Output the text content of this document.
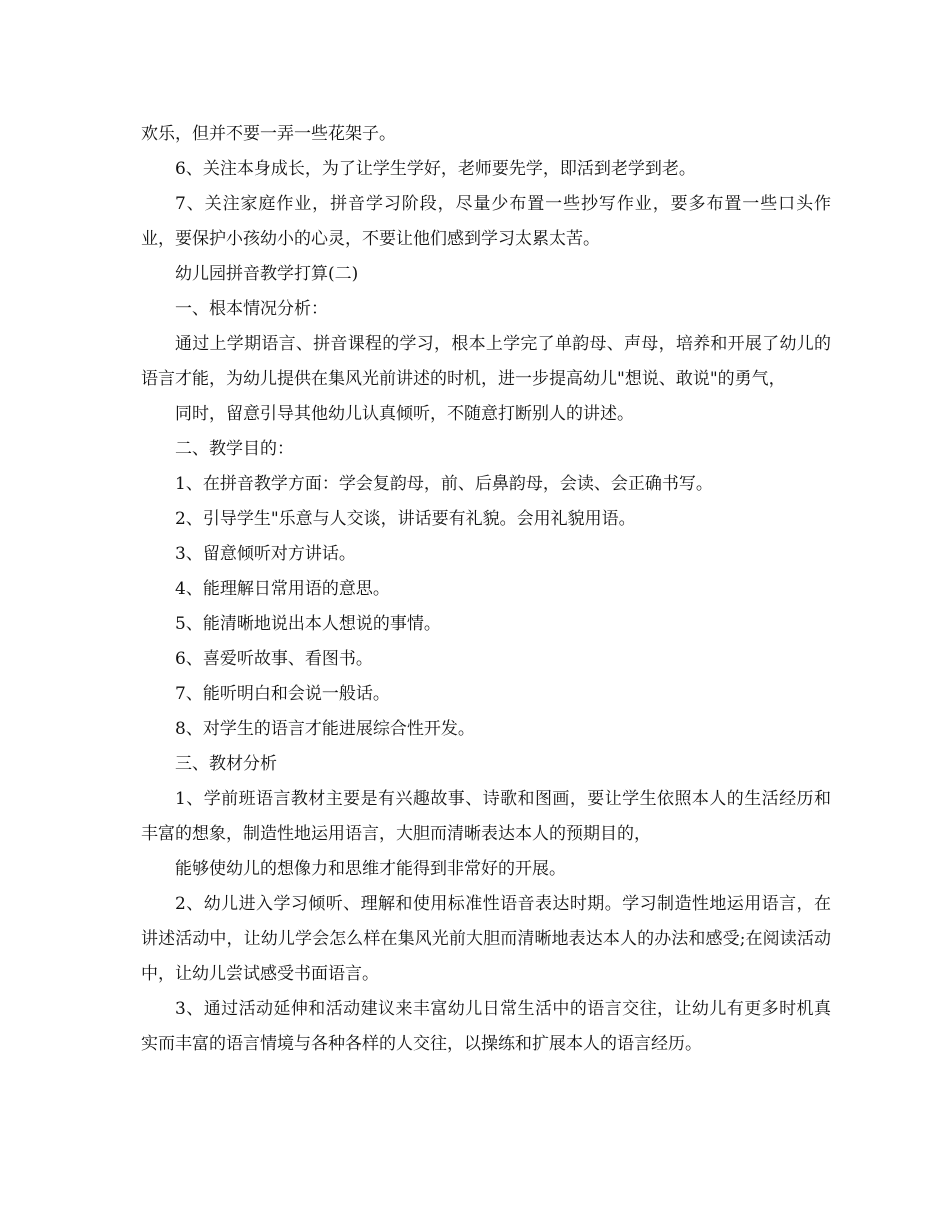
欢乐，但并不要一弄一些花架子。

6、关注本身成长，为了让学生学好，老师要先学，即活到老学到老。

7、关注家庭作业，拼音学习阶段，尽量少布置一些抄写作业，要多布置一些口头作业，要保护小孩幼小的心灵，不要让他们感到学习太累太苦。

幼儿园拼音教学打算(二)

一、根本情况分析：

通过上学期语言、拼音课程的学习，根本上学完了单韵母、声母，培养和开展了幼儿的语言才能，为幼儿提供在集风光前讲述的时机，进一步提高幼儿"想说、敢说"的勇气，

同时，留意引导其他幼儿认真倾听，不随意打断别人的讲述。

二、教学目的：

1、在拼音教学方面：学会复韵母，前、后鼻韵母，会读、会正确书写。

2、引导学生"乐意与人交谈，讲话要有礼貌。会用礼貌用语。

3、留意倾听对方讲话。

4、能理解日常用语的意思。

5、能清晰地说出本人想说的事情。

6、喜爱听故事、看图书。

7、能听明白和会说一般话。

8、对学生的语言才能进展综合性开发。

三、教材分析

1、学前班语言教材主要是有兴趣故事、诗歌和图画，要让学生依照本人的生活经历和丰富的想象，制造性地运用语言，大胆而清晰表达本人的预期目的，

能够使幼儿的想像力和思维才能得到非常好的开展。

2、幼儿进入学习倾听、理解和使用标准性语音表达时期。学习制造性地运用语言，在讲述活动中，让幼儿学会怎么样在集风光前大胆而清晰地表达本人的办法和感受;在阅读活动中，让幼儿尝试感受书面语言。

3、通过活动延伸和活动建议来丰富幼儿日常生活中的语言交往，让幼儿有更多时机真实而丰富的语言情境与各种各样的人交往，以操练和扩展本人的语言经历。
